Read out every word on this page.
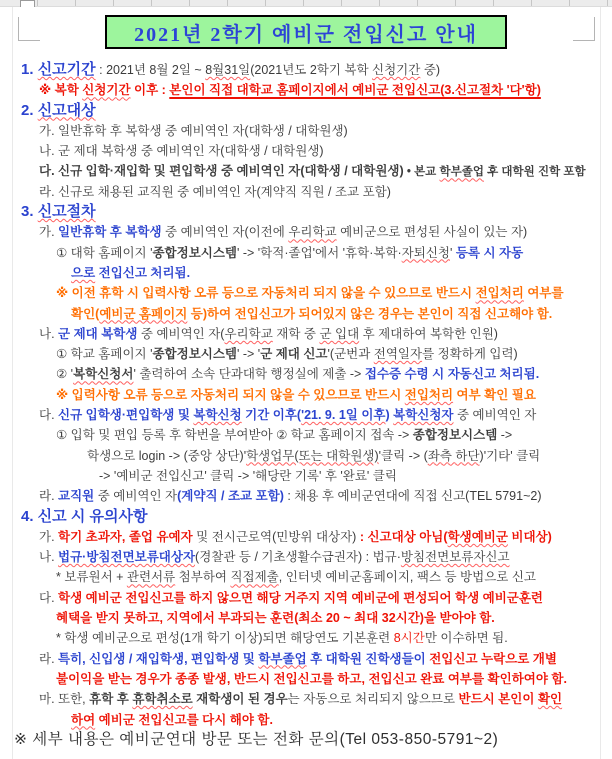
2021년 2학기 예비군 전입신고 안내
1. 신고기간 : 2021년 8월 2일 ~ 8월31일(2021년도 2학기 복학 신청기간 중)
※ 복학 신청기간 이후 : 본인이 직접 대학교 홈페이지에서 예비군 전입신고(3.신고절차 '다'항)
2. 신고대상
가. 일반휴학 후 복학생 중 예비역인 자(대학생 / 대학원생)
나. 군 제대 복학생 중 예비역인 자(대학생 / 대학원생)
다. 신규 입학·재입학 및 편입학생 중 예비역인 자(대학생 / 대학원생) • 본교 학부졸업 후 대학원 진학 포함
라. 신규로 채용된 교직원 중 예비역인 자(계약직 직원 / 조교 포함)
3. 신고절차
가. 일반휴학 후 복학생 중 예비역인 자(이전에 우리학교 예비군으로 편성된 사실이 있는 자)
① 대학 홈페이지 '종합정보시스템' -> '학적·졸업'에서 '휴학·복학·자퇴신청' 등록 시 자동
으로 전입신고 처리됨.
※ 이전 휴학 시 입력사항 오류 등으로 자동처리 되지 않을 수 있으므로 반드시 전입처리 여부를
확인(예비군 홈페이지 등)하여 전입신고가 되어있지 않은 경우는 본인이 직접 신고해야 함.
나. 군 제대 복학생 중 예비역인 자(우리학교 재학 중 군 입대 후 제대하여 복학한 인원)
① 학교 홈페이지 '종합정보시스템' -> '군 제대 신고'(군번과 전역일자를 정확하게 입력)
② '복학신청서' 출력하여 소속 단과대학 행정실에 제출 -> 접수증 수령 시 자동신고 처리됨.
※ 입력사항 오류 등으로 자동처리 되지 않을 수 있으므로 반드시 전입처리 여부 확인 필요
다. 신규 입학생·편입학생 및 복학신청 기간 이후('21. 9. 1일 이후) 복학신청자 중 예비역인 자
① 입학 및 편입 등록 후 학번을 부여받아 ② 학교 홈페이지 접속 -> 종합정보시스템 ->
학생으로 login -> (중앙 상단)'학생업무(또는 대학원생)'클릭 -> (좌측 하단)'기타' 클릭
-> '예비군 전입신고' 클릭 -> '해당란 기록' 후 '완료' 클릭
라. 교직원 중 예비역인 자(계약직 / 조교 포함) : 채용 후 예비군연대에 직접 신고(TEL 5791~2)
4. 신고 시 유의사항
가. 학기 초과자, 졸업 유예자 및 전시근로역(민방위 대상자) : 신고대상 아님(학생예비군 비대상)
나. 법규·방침전면보류대상자(경찰관 등 / 기초생활수급권자) : 법규·방침전면보류자신고
* 보류원서 + 관련서류 첨부하여 직접제출, 인터넷 예비군홈페이지, 팩스 등 방법으로 신고
다. 학생 예비군 전입신고를 하지 않으면 해당 거주지 지역 예비군에 편성되어 학생 예비군훈련
혜택을 받지 못하고, 지역에서 부과되는 훈련(최소 20 ~ 최대 32시간)을 받아야 함.
* 학생 예비군으로 편성(1개 학기 이상)되면 해당연도 기본훈련 8시간만 이수하면 됨.
라. 특히, 신입생 / 재입학생, 편입학생 및 학부졸업 후 대학원 진학생들이 전입신고 누락으로 개별
불이익을 받는 경우가 종종 발생, 반드시 전입신고를 하고, 전입신고 완료 여부를 확인하여야 함.
마. 또한, 휴학 후 휴학취소로 재학생이 된 경우는 자동으로 처리되지 않으므로 반드시 본인이 확인
하여 예비군 전입신고를 다시 해야 함.
※ 세부 내용은 예비군연대 방문 또는 전화 문의(Tel 053-850-5791~2)
